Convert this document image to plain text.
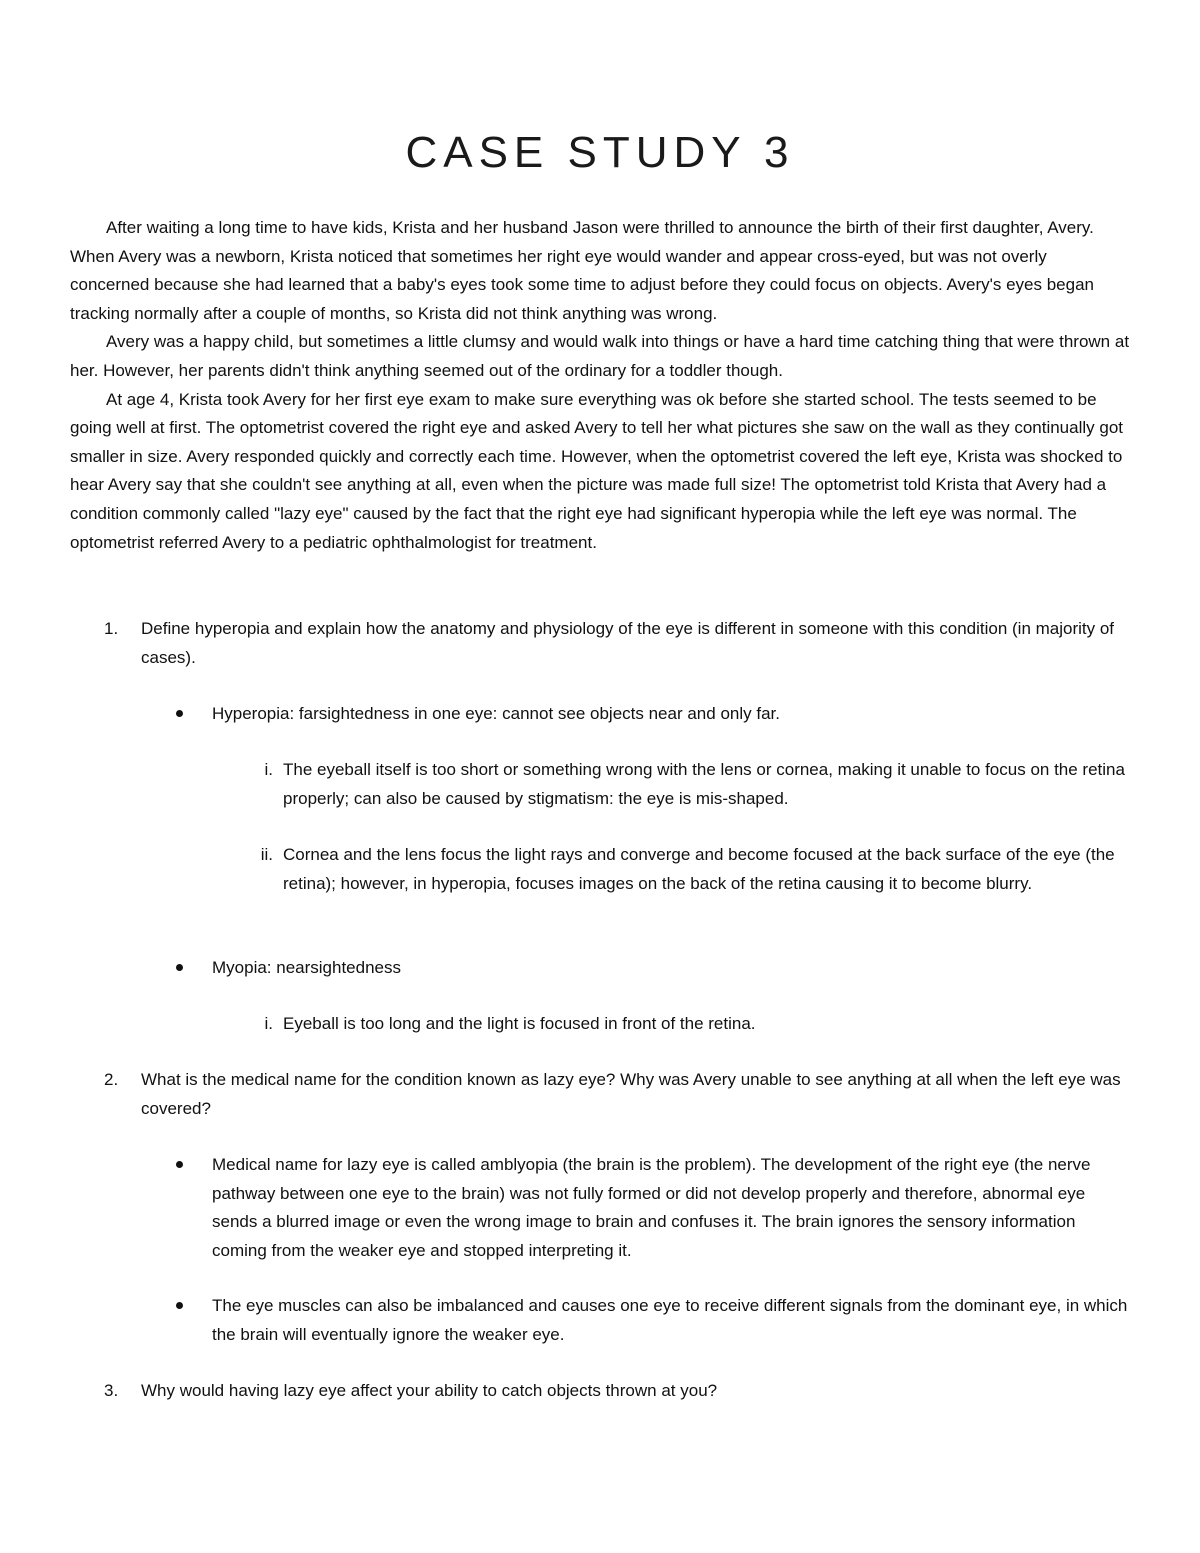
CASE STUDY 3

After waiting a long time to have kids, Krista and her husband Jason were thrilled to announce the birth of their first daughter, Avery. When Avery was a newborn, Krista noticed that sometimes her right eye would wander and appear cross-eyed, but was not overly concerned because she had learned that a baby's eyes took some time to adjust before they could focus on objects. Avery's eyes began tracking normally after a couple of months, so Krista did not think anything was wrong.

Avery was a happy child, but sometimes a little clumsy and would walk into things or have a hard time catching thing that were thrown at her. However, her parents didn't think anything seemed out of the ordinary for a toddler though.

At age 4, Krista took Avery for her first eye exam to make sure everything was ok before she started school. The tests seemed to be going well at first. The optometrist covered the right eye and asked Avery to tell her what pictures she saw on the wall as they continually got smaller in size. Avery responded quickly and correctly each time. However, when the optometrist covered the left eye, Krista was shocked to hear Avery say that she couldn't see anything at all, even when the picture was made full size! The optometrist told Krista that Avery had a condition commonly called "lazy eye" caused by the fact that the right eye had significant hyperopia while the left eye was normal. The optometrist referred Avery to a pediatric ophthalmologist for treatment.

1. Define hyperopia and explain how the anatomy and physiology of the eye is different in someone with this condition (in majority of cases).
Hyperopia: farsightedness in one eye: cannot see objects near and only far.
i. The eyeball itself is too short or something wrong with the lens or cornea, making it unable to focus on the retina properly; can also be caused by stigmatism: the eye is mis-shaped.
ii. Cornea and the lens focus the light rays and converge and become focused at the back surface of the eye (the retina); however, in hyperopia, focuses images on the back of the retina causing it to become blurry.
Myopia: nearsightedness
i. Eyeball is too long and the light is focused in front of the retina.
2. What is the medical name for the condition known as lazy eye? Why was Avery unable to see anything at all when the left eye was covered?
Medical name for lazy eye is called amblyopia (the brain is the problem). The development of the right eye (the nerve pathway between one eye to the brain) was not fully formed or did not develop properly and therefore, abnormal eye sends a blurred image or even the wrong image to brain and confuses it. The brain ignores the sensory information coming from the weaker eye and stopped interpreting it.
The eye muscles can also be imbalanced and causes one eye to receive different signals from the dominant eye, in which the brain will eventually ignore the weaker eye.
3. Why would having lazy eye affect your ability to catch objects thrown at you?
